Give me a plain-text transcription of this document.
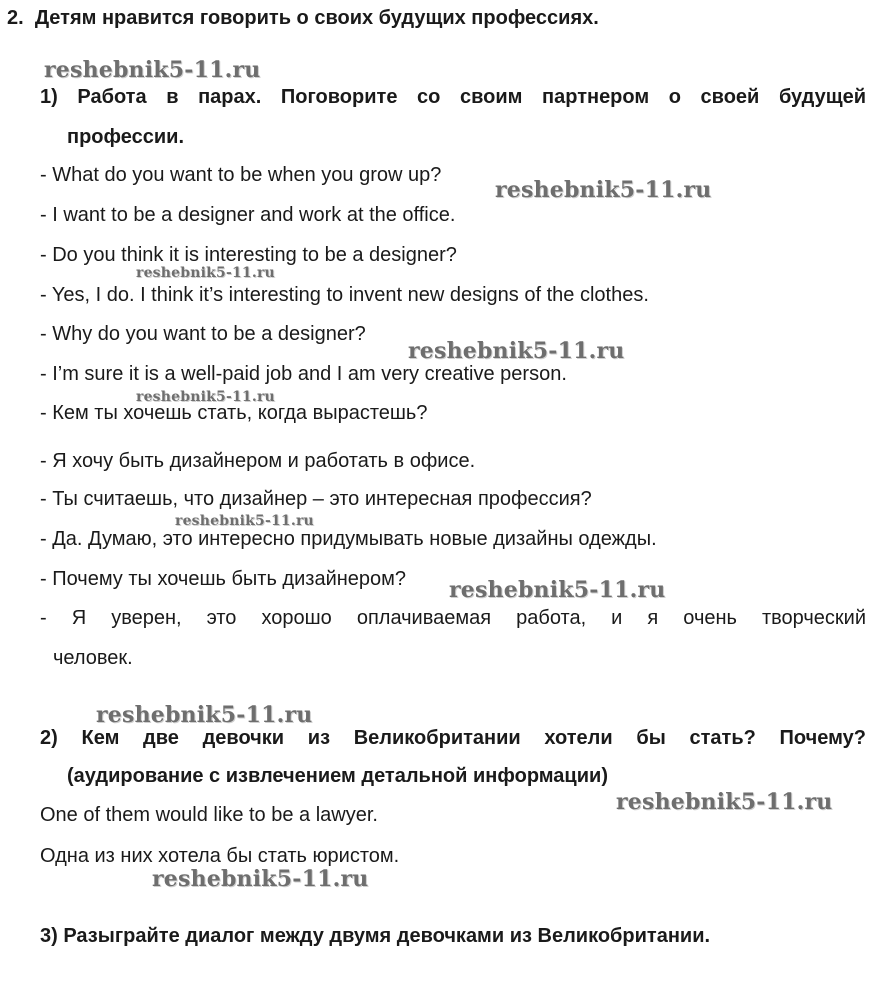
2. Детям нравится говорить о своих будущих профессиях.
1) Работа в парах. Поговорите со своим партнером о своей будущей
профессии.
- What do you want to be when you grow up?
- I want to be a designer and work at the office.
- Do you think it is interesting to be a designer?
- Yes, I do. I think it’s interesting to invent new designs of the clothes.
- Why do you want to be a designer?
- I’m sure it is a well-paid job and I am very creative person.
- Кем ты хочешь стать, когда вырастешь?
- Я хочу быть дизайнером и работать в офисе.
- Ты считаешь, что дизайнер – это интересная профессия?
- Да. Думаю, это интересно придумывать новые дизайны одежды.
- Почему ты хочешь быть дизайнером?
- Я уверен, это хорошо оплачиваемая работа, и я очень творческий
человек.
2) Кем две девочки из Великобритании хотели бы стать? Почему?
(аудирование с извлечением детальной информации)
One of them would like to be a lawyer.
Одна из них хотела бы стать юристом.
3) Разыграйте диалог между двумя девочками из Великобритании.
reshebnik5-11.ru
reshebnik5-11.ru
reshebnik5-11.ru
reshebnik5-11.ru
reshebnik5-11.ru
reshebnik5-11.ru
reshebnik5-11.ru
reshebnik5-11.ru
reshebnik5-11.ru
reshebnik5-11.ru
